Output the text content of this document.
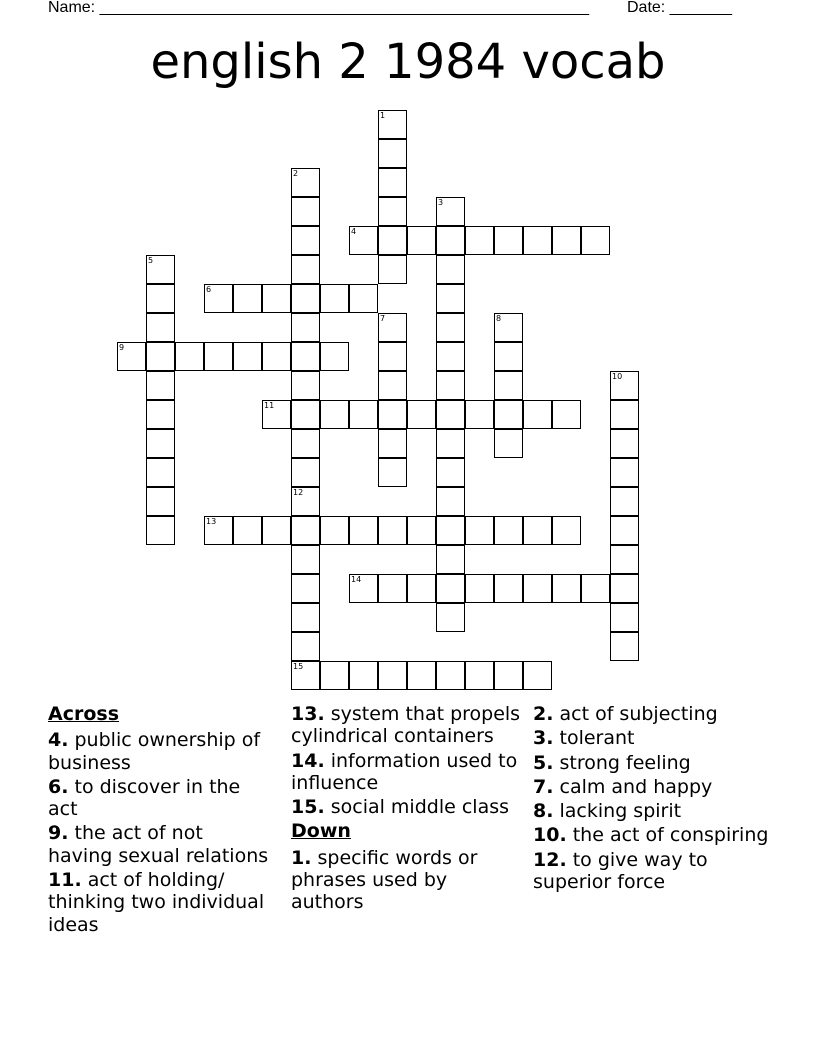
Name: _______________________________________________________ Date: _______
english 2 1984 vocab
1
2
3
4
5
6
7	8
9
10
11
12
15
13
14
Across
4. public ownership of business
6. to discover in the act
9. the act of not having sexual relations
11. act of holding/ thinking two individual ideas
13. system that propels cylindrical containers
14. information used to influence
15. social middle class
Down
1. specific words or phrases used by authors
2. act of subjecting
3. tolerant
5. strong feeling
7. calm and happy
8. lacking spirit
10. the act of conspiring
12. to give way to superior force
